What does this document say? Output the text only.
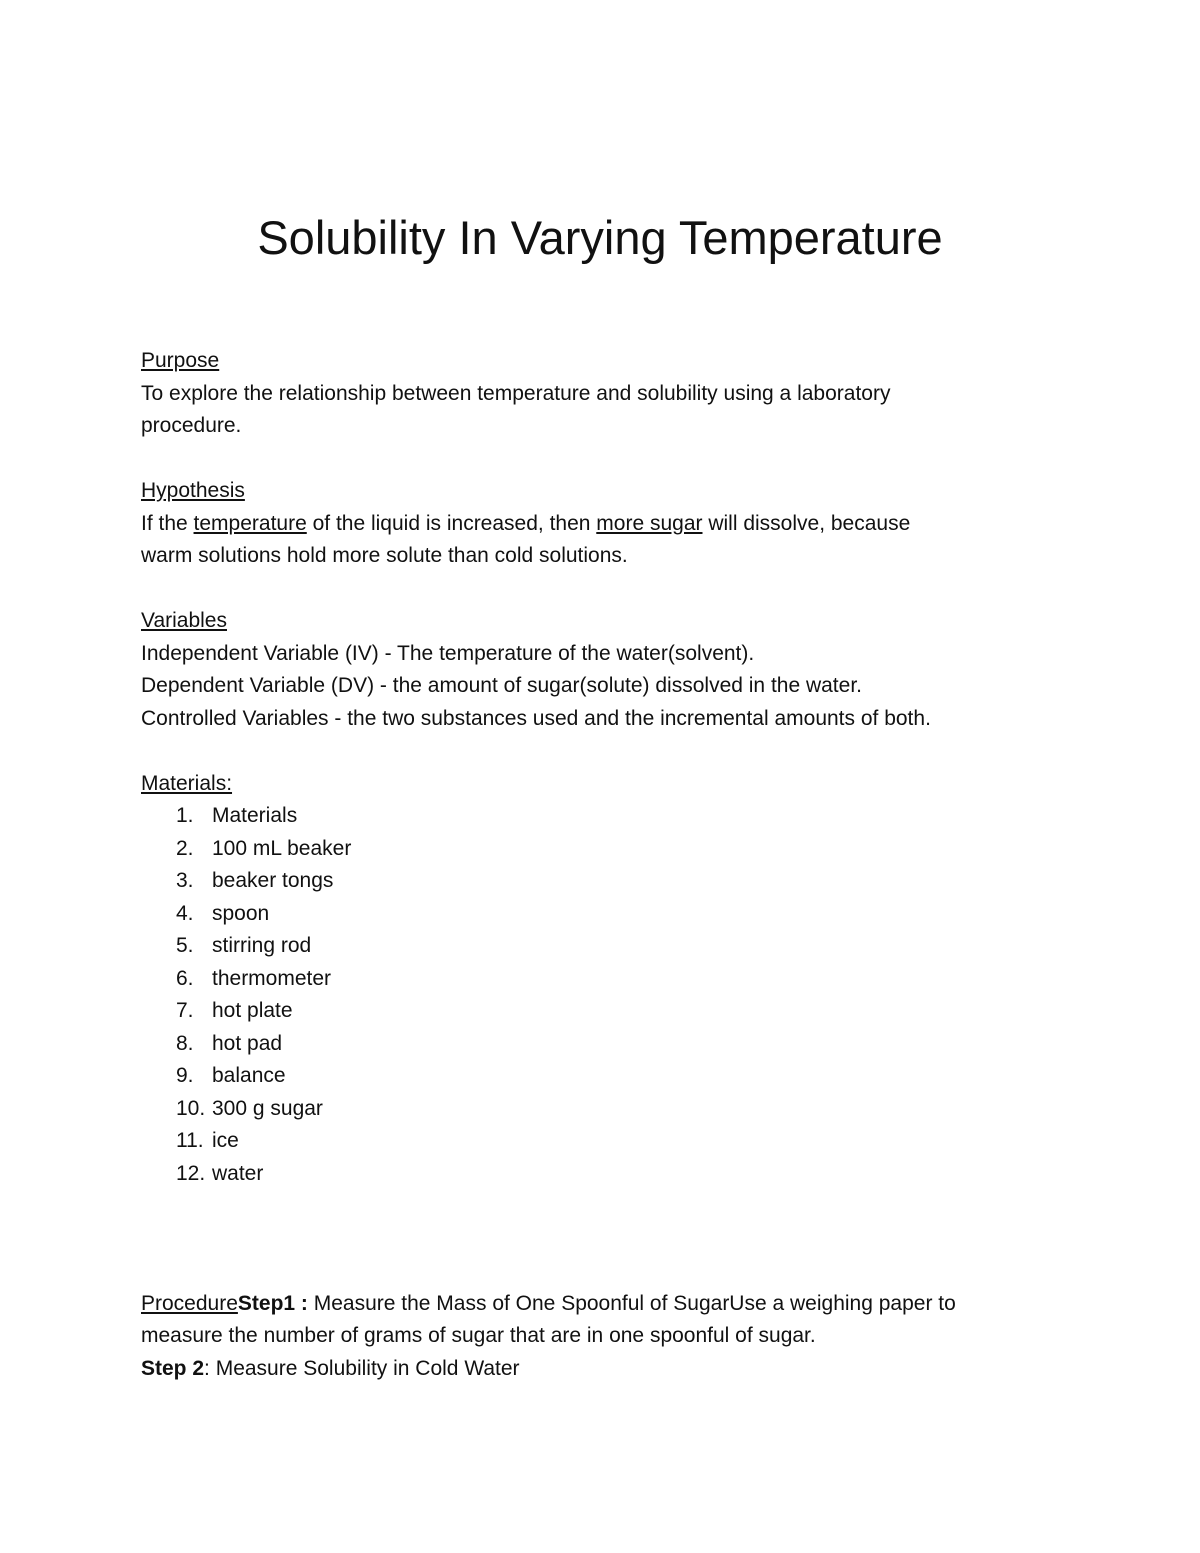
Solubility In Varying Temperature
Purpose
To explore the relationship between temperature and solubility using a laboratory
procedure.
Hypothesis
If the temperature of the liquid is increased, then more sugar will dissolve, because
warm solutions hold more solute than cold solutions.
Variables
Independent Variable (IV) - The temperature of the water(solvent).
Dependent Variable (DV) - the amount of sugar(solute) dissolved in the water.
Controlled Variables - the two substances used and the incremental amounts of both.
Materials:
1. Materials
2. 100 mL beaker
3. beaker tongs
4. spoon
5. stirring rod
6. thermometer
7. hot plate
8. hot pad
9. balance
10. 300 g sugar
11. ice
12. water
ProcedureStep1 : Measure the Mass of One Spoonful of SugarUse a weighing paper to
measure the number of grams of sugar that are in one spoonful of sugar.
Step 2: Measure Solubility in Cold Water
